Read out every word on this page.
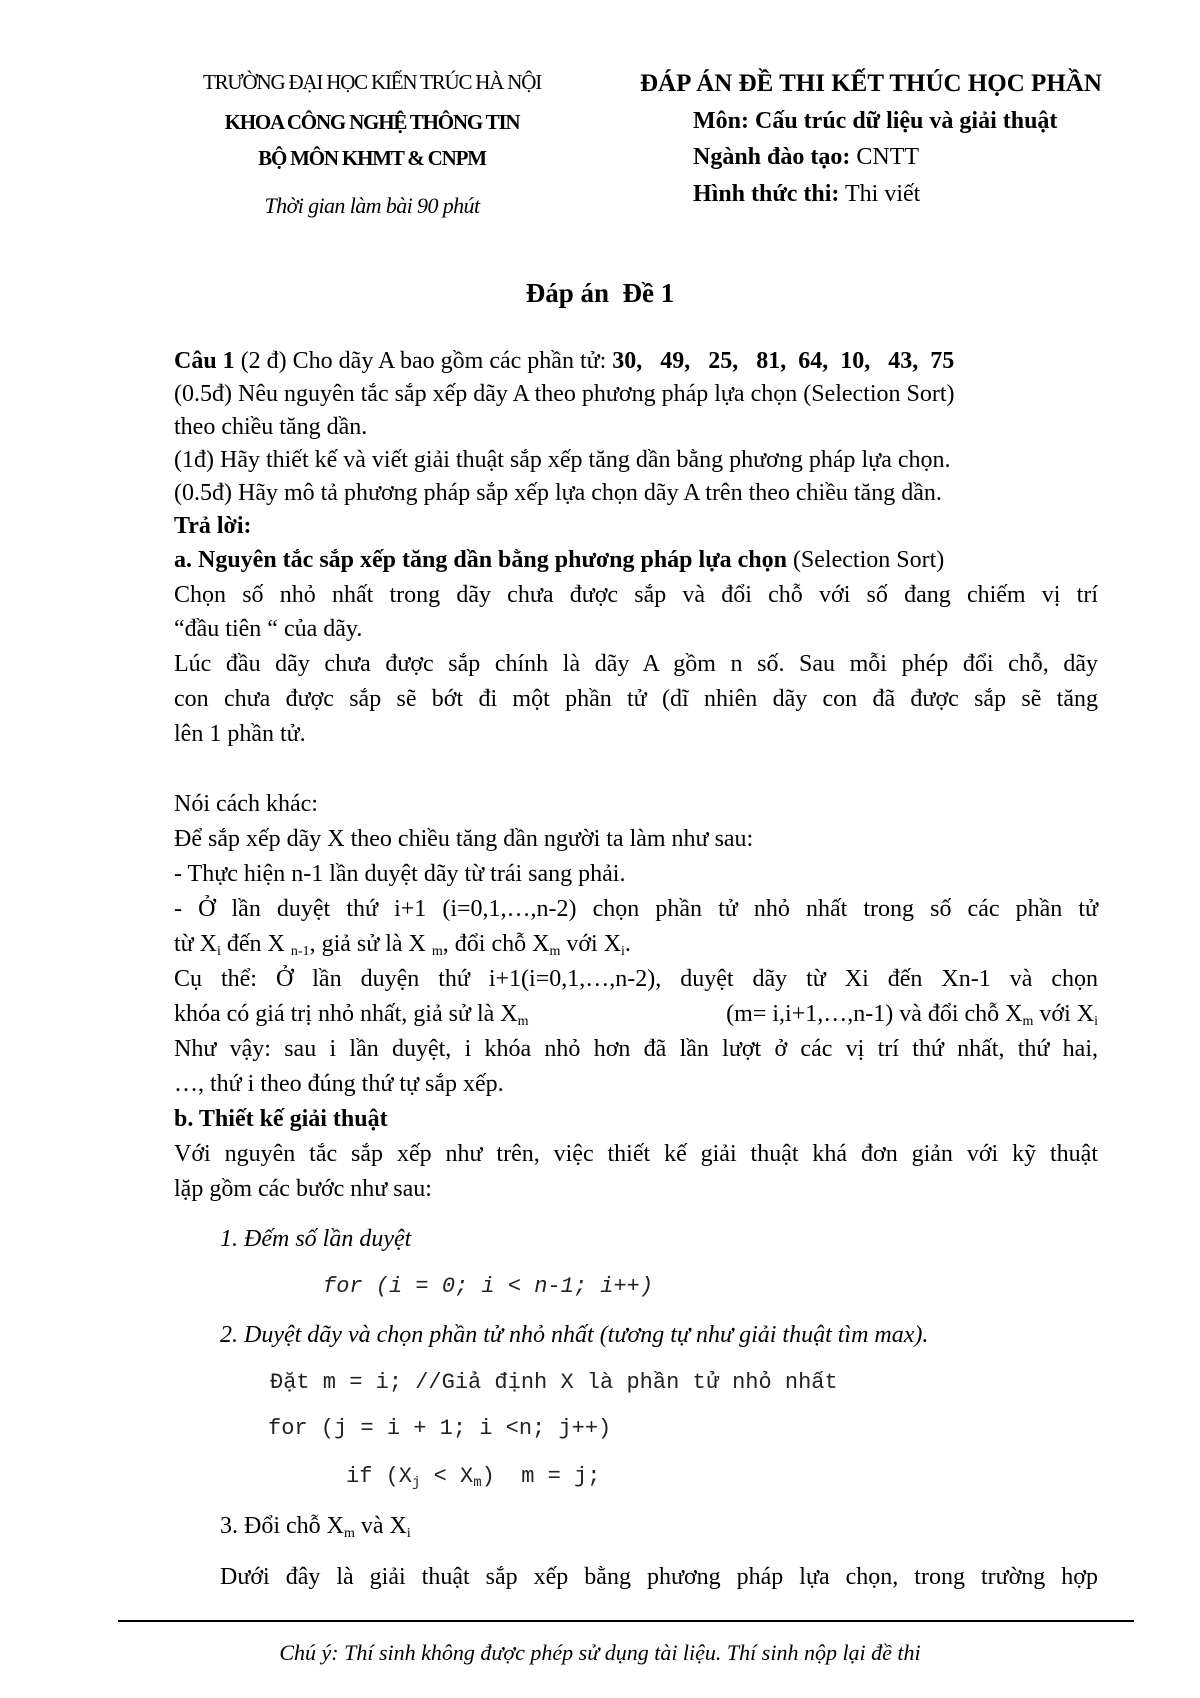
TRƯỜNG ĐẠI HỌC KIẾN TRÚC HÀ NỘI
KHOA CÔNG NGHỆ THÔNG TIN
BỘ MÔN KHMT & CNPM
Thời gian làm bài 90 phút
ĐÁP ÁN ĐỀ THI KẾT THÚC HỌC PHẦN
Môn: Cấu trúc dữ liệu và giải thuật
Ngành đào tạo: CNTT
Hình thức thi: Thi viết
Đáp án  Đề 1
Câu 1 (2 đ) Cho dãy A bao gồm các phần tử: 30,   49,   25,   81,  64,  10,   43,  75
(0.5đ) Nêu nguyên tắc sắp xếp dãy A theo phương pháp lựa chọn (Selection Sort)
theo chiều tăng dần.
(1đ) Hãy thiết kế và viết giải thuật sắp xếp tăng dần bằng phương pháp lựa chọn.
(0.5đ) Hãy mô tả phương pháp sắp xếp lựa chọn dãy A trên theo chiều tăng dần.
Trả lời:
a. Nguyên tắc sắp xếp tăng dần bằng phương pháp lựa chọn (Selection Sort)
Chọn số nhỏ nhất trong dãy chưa được sắp và đổi chỗ với số đang chiếm vị trí
“đầu tiên “ của dãy.
Lúc đầu dãy chưa được sắp chính là dãy A gồm n số. Sau mỗi phép đổi chỗ, dãy
con chưa được sắp sẽ bớt đi một phần tử (dĩ nhiên dãy con đã được sắp sẽ tăng
lên 1 phần tử.
Nói cách khác:
Để sắp xếp dãy X theo chiều tăng dần người ta làm như sau:
- Thực hiện n-1 lần duyệt dãy từ trái sang phải.
- Ở lần duyệt thứ i+1 (i=0,1,…,n-2) chọn phần tử nhỏ nhất trong số các phần tử
từ $X_i$ đến X $_{n-1}$, giả sử là X $_m$, đổi chỗ $X_m$ với $X_i$.
Cụ thể: Ở lần duyện thứ i+1(i=0,1,…,n-2), duyệt dãy từ Xi đến Xn-1 và chọn
khóa có giá trị nhỏ nhất, giả sử là $X_m$	(m= i,i+1,…,n-1) và đổi chỗ $X_m$ với $X_i$
Như vậy: sau i lần duyệt, i khóa nhỏ hơn đã lần lượt ở các vị trí thứ nhất, thứ hai,
…, thứ i theo đúng thứ tự sắp xếp.
b. Thiết kế giải thuật
Với nguyên tắc sắp xếp như trên, việc thiết kế giải thuật khá đơn giản với kỹ thuật
lặp gồm các bước như sau:
1. Đếm số lần duyệt
for (i = 0; i < n-1; i++)
2. Duyệt dãy và chọn phần tử nhỏ nhất (tương tự như giải thuật tìm max).
Đặt m = i; //Giả định X là phần tử nhỏ nhất
for (j = i + 1; i <n; j++)
if $(X_j < X_m) m = j$;
3. Đổi chỗ $X_m$ và $X_i$
Dưới đây là giải thuật sắp xếp bằng phương pháp lựa chọn, trong trường hợp
Chú ý: Thí sinh không được phép sử dụng tài liệu. Thí sinh nộp lại đề thi
